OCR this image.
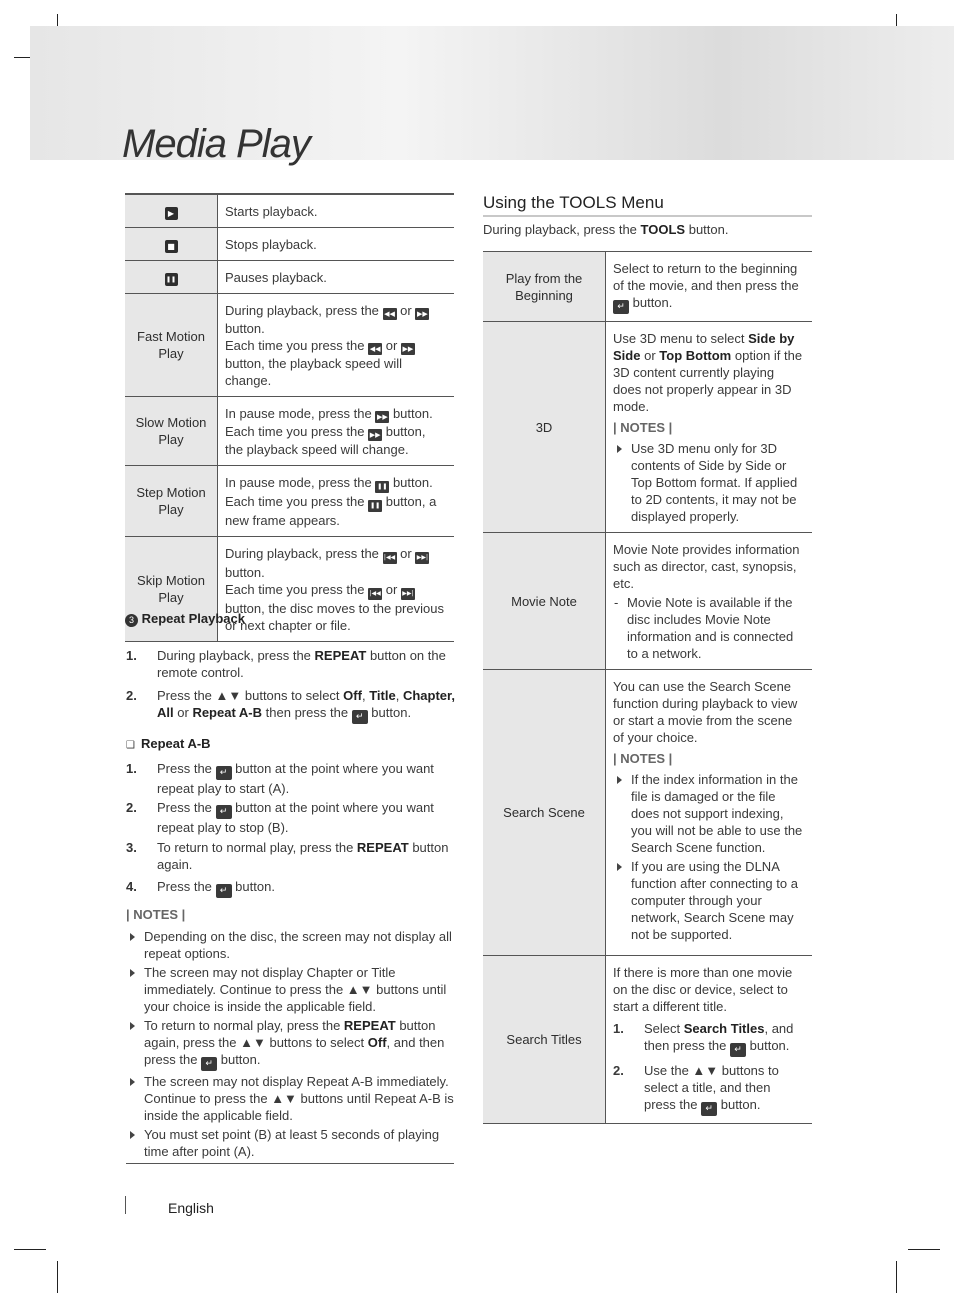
Media Play
▶	Starts playback.
■	Stops playback.
❚❚	Pauses playback.
Fast Motion Play	During playback, press the ◀◀ or ▶▶ button.
Each time you press the ◀◀ or ▶▶ button, the playback speed will change.
Slow Motion Play	In pause mode, press the ▶▶ button.
Each time you press the ▶▶ button, the playback speed will change.
Step Motion Play	In pause mode, press the ❚❚ button.
Each time you press the ❚❚ button, a new frame appears.
Skip Motion Play	During playback, press the |◀◀ or ▶▶| button.
Each time you press the |◀◀ or ▶▶| button, the disc moves to the previous or next chapter or file.
3 Repeat Playback
1. During playback, press the REPEAT button on the remote control.
2. Press the ▲▼ buttons to select Off, Title, Chapter, All or Repeat A-B then press the ↵ button.
❑ Repeat A-B
1. Press the ↵ button at the point where you want repeat play to start (A).
2. Press the ↵ button at the point where you want repeat play to stop (B).
3. To return to normal play, press the REPEAT button again.
4. Press the ↵ button.
| NOTES |
Depending on the disc, the screen may not display all repeat options.
The screen may not display Chapter or Title immediately. Continue to press the ▲▼ buttons until your choice is inside the applicable field.
To return to normal play, press the REPEAT button again, press the ▲▼ buttons to select Off, and then press the ↵ button.
The screen may not display Repeat A-B immediately. Continue to press the ▲▼ buttons until Repeat A-B is inside the applicable field.
You must set point (B) at least 5 seconds of playing time after point (A).
Using the TOOLS Menu
During playback, press the TOOLS button.
Play from the Beginning	Select to return to the beginning of the movie, and then press the ↵ button.
3D	Use 3D menu to select Side by Side or Top Bottom option if the 3D content currently playing does not properly appear in 3D mode.
| NOTES |
Use 3D menu only for 3D contents of Side by Side or Top Bottom format. If applied to 2D contents, it may not be displayed properly.

Movie Note	Movie Note provides information such as director, cast, synopsis, etc.
- Movie Note is available if the disc includes Movie Note information and is connected to a network.

Search Scene	You can use the Search Scene function during playback to view or start a movie from the scene of your choice.
| NOTES |
If the index information in the file is damaged or the file does not support indexing, you will not be able to use the Search Scene function.
If you are using the DLNA function after connecting to a computer through your network, Search Scene may not be supported.

Search Titles	If there is more than one movie on the disc or device, select to start a different title.
1. Select Search Titles, and then press the ↵ button.
2. Use the ▲▼ buttons to select a title, and then press the ↵ button.
English
